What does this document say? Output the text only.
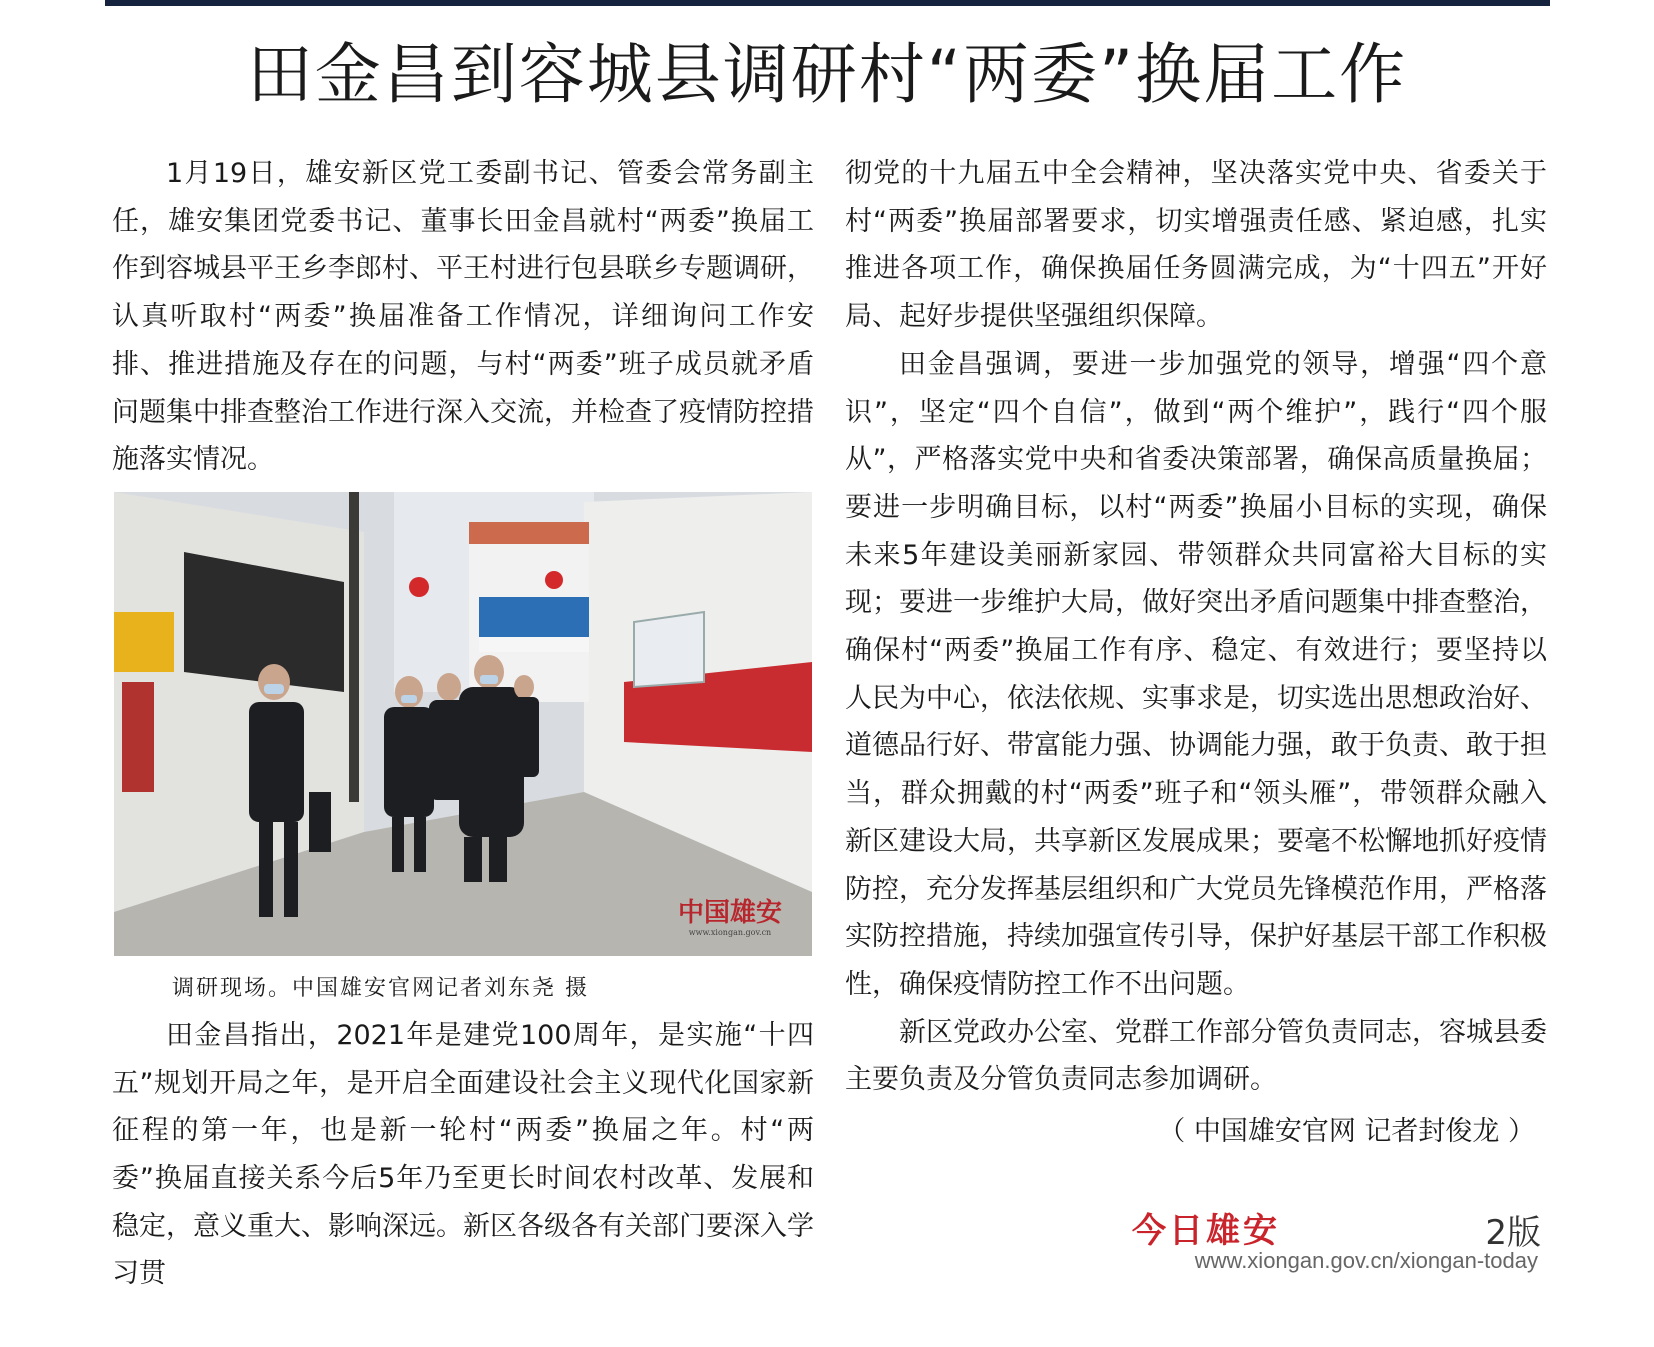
田金昌到容城县调研村“两委”换届工作

1月19日，雄安新区党工委副书记、管委会常务副主任，雄安集团党委书记、董事长田金昌就村“两委”换届工作到容城县平王乡李郎村、平王村进行包县联乡专题调研，认真听取村“两委”换届准备工作情况，详细询问工作安排、推进措施及存在的问题，与村“两委”班子成员就矛盾问题集中排查整治工作进行深入交流，并检查了疫情防控措施落实情况。

中国雄安
www.xiongan.gov.cn
调研现场。中国雄安官网记者刘东尧 摄

田金昌指出，2021年是建党100周年，是实施“十四五”规划开局之年，是开启全面建设社会主义现代化国家新征程的第一年，也是新一轮村“两委”换届之年。村“两委”换届直接关系今后5年乃至更长时间农村改革、发展和稳定，意义重大、影响深远。新区各级各有关部门要深入学习贯

彻党的十九届五中全会精神，坚决落实党中央、省委关于村“两委”换届部署要求，切实增强责任感、紧迫感，扎实推进各项工作，确保换届任务圆满完成，为“十四五”开好局、起好步提供坚强组织保障。

田金昌强调，要进一步加强党的领导，增强“四个意识”，坚定“四个自信”，做到“两个维护”，践行“四个服从”，严格落实党中央和省委决策部署，确保高质量换届；要进一步明确目标，以村“两委”换届小目标的实现，确保未来5年建设美丽新家园、带领群众共同富裕大目标的实现；要进一步维护大局，做好突出矛盾问题集中排查整治，确保村“两委”换届工作有序、稳定、有效进行；要坚持以人民为中心，依法依规、实事求是，切实选出思想政治好、道德品行好、带富能力强、协调能力强，敢于负责、敢于担当，群众拥戴的村“两委”班子和“领头雁”，带领群众融入新区建设大局，共享新区发展成果；要毫不松懈地抓好疫情防控，充分发挥基层组织和广大党员先锋模范作用，严格落实防控措施，持续加强宣传引导，保护好基层干部工作积极性，确保疫情防控工作不出问题。

新区党政办公室、党群工作部分管负责同志，容城县委主要负责及分管负责同志参加调研。

（ 中国雄安官网 记者封俊龙 ）

今日雄安	2版
www.xiongan.gov.cn/xiongan-today
